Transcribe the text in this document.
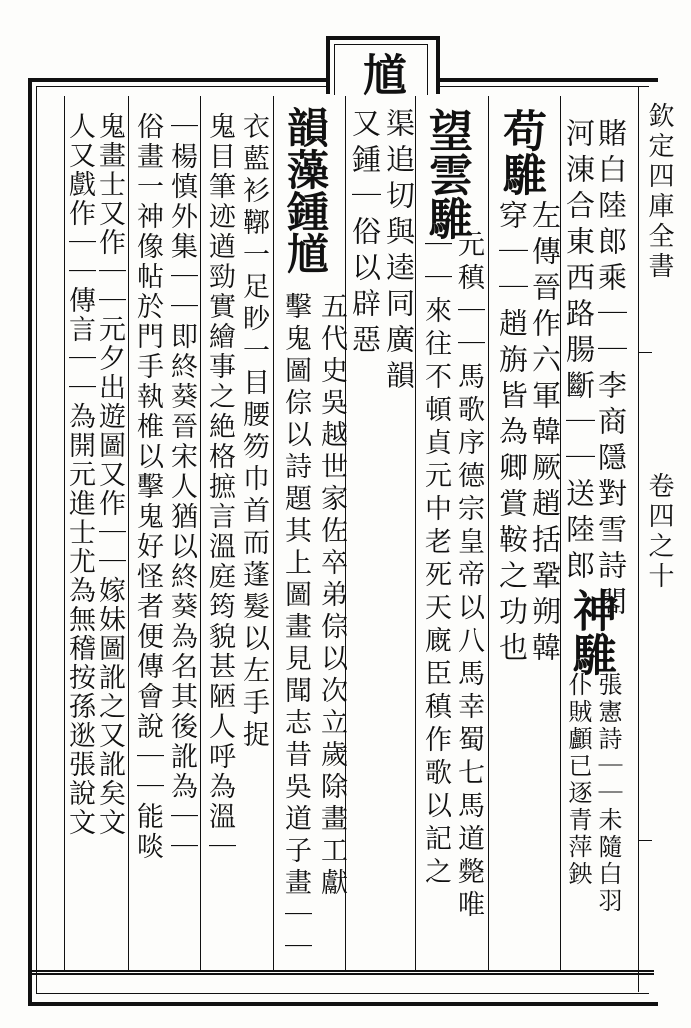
欽定四庫全書
卷四之十
馗
渠追切與逵同廣韻
又鍾｜俗以辟惡	賭白陸郎乘｜｜李商隱對雪詩閣
河涷合東西路腸斷｜｜送陸郎
神騅
張憲詩｜｜未隨白羽
仆賊顱已逐青萍鉠
苟騅
左傳晉作六軍韓厥趙括鞏朔韓
穿｜｜趙旃皆為卿賞鞍之功也
望雲騅
元稹｜｜馬歌序德宗皇帝以八馬幸蜀七馬道斃唯
｜｜來往不頓貞元中老死天廐臣稹作歌以記之
韻藻鍾馗
五代史吳越世家佐卒弟倧以次立歲除畫工獻
擊鬼圖倧以詩題其上圖畫見聞志昔吳道子畫｜｜
衣藍衫鞹一足眇一目腰笏巾首而蓬髮以左手捉
鬼目筆迹遒勁實繪事之絶格摭言溫庭筠貌甚陋人呼為溫｜
｜楊慎外集｜｜即終葵晉宋人猶以終葵為名其後訛為｜｜
俗畫一神像帖於門手執椎以擊鬼好怪者便傳會說｜｜能啖
鬼畫士又作｜｜元夕出遊圖又作｜｜嫁妹圖訛之又訛矣文
人又戲作｜｜傳言｜｜為開元進士尤為無稽按孫逖張說文
